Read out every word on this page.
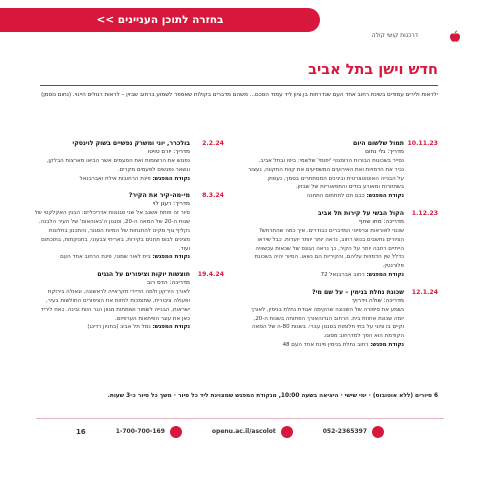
בחזרה לתוכן העניינים >>
דרכנות קושי קולה
חדש וישן בתל אביב
ילראות ולירים עמודים בשינת רחוב אחד העם שנדרחות בן ציון ליד עמוד הסכם... משהם מדברים בקולות שאספר לשמוע ברחוב שבזין – לראות רגולים היינוי. (נחום נוסמן)
10.11.23
תמול שלשום היום
מדריך: גלי נחום
נסייר בשכונות הבורות הרומנטי 'יפומי' שלשמי: ביפו ובתל אביב. נכיר את הדמויות ואת האירועים המשפיעים את קוות התקווה, נעצור על הבנייה האוטוטצרטית ובינינים המסתתרים בסמך, נעסוק בשחזורות ומאורע בודים והתפאוריות של שבזון.
נקודת המפגש: כבם חם לתחתום התחנה
1.12.23
הקול הבשי על קירות תל אביב
מדריכה: מתו שחף
שכנוי לאוראות וגרפיטי המדברים כבודרים. איך כמה שהתרחש? הציורים נחשבים בנוש רחוב, נראה יותר יוותר יוערות. כבל שיראו הייתיים רחבה יותר על הקיר, כך נראה הגונס של שכאות עכשוויה כדלל שין הדמויות עליהם, והקיריות הם נשאו. הסיור יהיה בשכונת פלורנטין.
נקודת המפגש: רחוב אברבנאל 72
12.1.24
שכונת נחלת בנימין – על שם מי?
מדריכה: שולה וידרויך
נשמע את סיפורה של השכונה שהקימה אגודת נחלת בנימין, לאורך יומה שכונת אחוזת בית. הרחוב הגדוהאורך הפתוחה בשנות ה-20, וקיים בו ציוני על בתי חלומות בסגנון עברי. בשנות 80-ה של המאה הקודמת הוא הפך למדרחוב מסוגו.
נקודת מפגש: רחוב נחלת בנימין פינת אחד העם 48
2.2.24
בולכרר, יוני ומשרק נפשיים בשוק לוינסקי
מדריך: יורם טויטו
נפגוש את הרשומות ואת הסעמים אשר הביאו מארצות הבלקן, ונשאר נפגשים לפעמים מקרים.
נקודת המפגש: פינת הרחובות אילת ואברבנאל
8.3.24
מי-מה-קיר את הקיר?
מדריך: רענן לוי
סיור זה פותח אשנב אל שני סגנונות אדריכליים: הבנין האקלקטי של שנות ה-20 של המאה ה-20, וסגנון ה'באוהאוס' של העיר הלבנה. נקליף גוף מקינו להתנחות של המיות הסגור, והתכנון בחלונות מצינים לבוס תחנים בקירות, באריחי צבעוני, בחנוקתות, בתוכתום ועוד.
נקודת המפגש: בית לאור שמוני, פינת הרחוב אחד העם
19.4.24
חוצשות יוקות וציפורים על הגגים
מדריכה: הדס רוב
לאורך הירקון ולמה הדיירי תקראייה לראשונה, וגאולה בירוקת ופעולה ציבורית, שתומכות לחזות את הציפורים החולשות בעיר, ישראות, הבנייה לשמור ושומתות מגוון הגר הוות ובינה. כאח ליריד כאן את עוגר הפיתאות הערפיום.
נקודת המפגש: נמל תל אביב (בחניון רדינג)
6 סיורים (ללא אוטובוס) · ימי שישי · היציאה בשעה 10:00, מנקודת המפגש שמצוינת ליד כל סיור · משך כל סיור כ-3 שעות.
052-2365397
openu.ac.il/ascolot
1-700-700-169
16
